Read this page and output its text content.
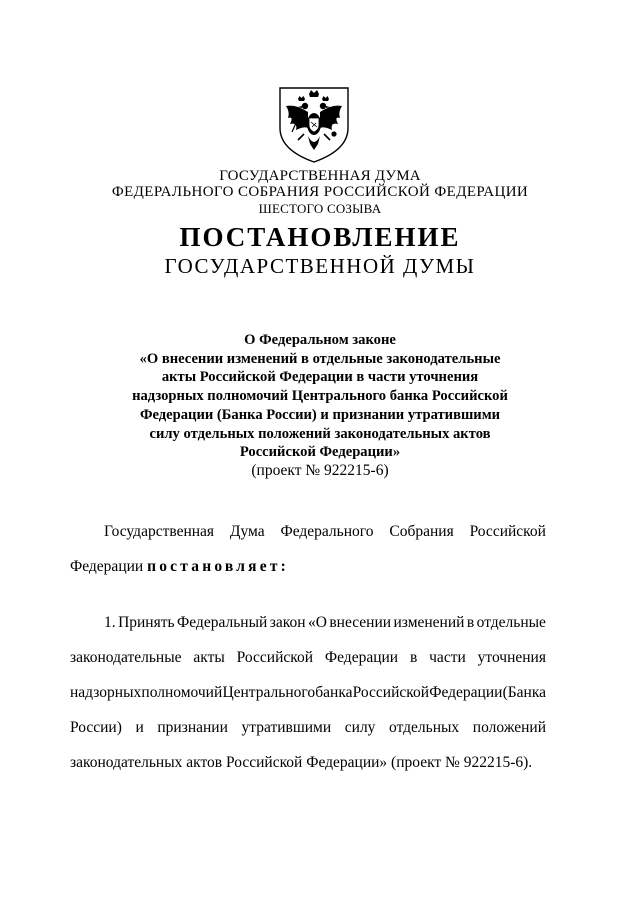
ГОСУДАРСТВЕННАЯ ДУМА
ФЕДЕРАЛЬНОГО СОБРАНИЯ РОССИЙСКОЙ ФЕДЕРАЦИИ
ШЕСТОГО СОЗЫВА
ПОСТАНОВЛЕНИЕ
ГОСУДАРСТВЕННОЙ ДУМЫ
О Федеральном законе
«О внесении изменений в отдельные законодательные
акты Российской Федерации в части уточнения
надзорных полномочий Центрального банка Российской
Федерации (Банка России) и признании утратившими
силу отдельных положений законодательных актов
Российской Федерации»
(проект № 922215-6)
Государственная Дума Федерального Собрания Российской
Федерации постановляет:
1. Принять Федеральный закон «О внесении изменений в отдельные
законодательные акты Российской Федерации в части уточнения
надзорных полномочий Центрального банка Российской Федерации (Банка
России) и признании утратившими силу отдельных положений
законодательных актов Российской Федерации» (проект № 922215-6).
